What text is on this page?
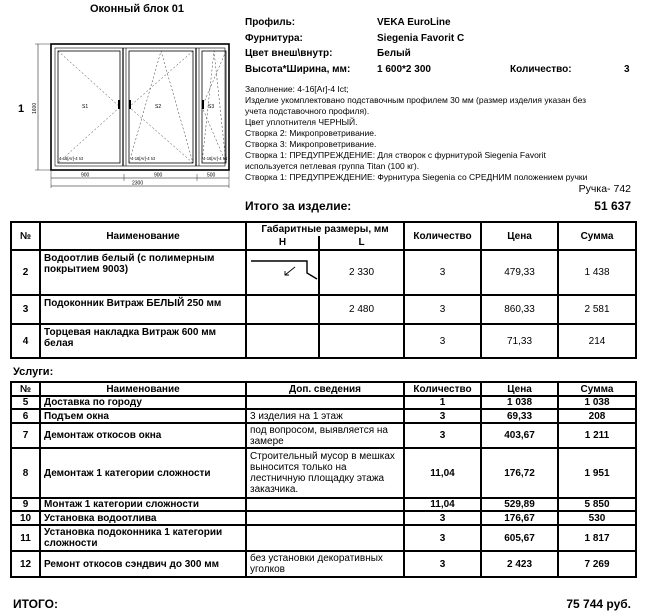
Оконный блок 01
1	S1	S2	S3
4-16[Ar]-4 Ict	4-16[Ar]-4 Ict	4-16[Ar]-4 Ict
1600
900	900	500
2300
Профиль:	VEKA EuroLine
Фурнитура:	Siegenia Favorit C
Цвет внеш\внутр:	Белый
Высота*Ширина, мм:	1 600*2 300	Количество:	3
Заполнение: 4-16[Ar]-4 Ict;
Изделие укомплектовано подставочным профилем 30 мм (размер изделия указан без
учета подставочного профиля).
Цвет уплотнителя ЧЕРНЫЙ.
Створка 2: Микропроветривание.
Створка 3: Микропроветривание.
Створка 1: ПРЕДУПРЕЖДЕНИЕ: Для створок с фурнитурой Siegenia Favorit
используется петлевая группа Titan (100 кг).
Створка 1: ПРЕДУПРЕЖДЕНИЕ: Фурнитура Siegenia со СРЕДНИМ положением ручки
Ручка- 742
Итого за изделие:	51 637
№	Наименование	Габаритные размеры, мм		Количество	Цена	Сумма
		H	L			
2	Водоотлив белый (с полимерным покрытием 9003)		2 330	3	479,33	1 438
3	Подоконник Витраж БЕЛЫЙ 250 мм		2 480	3	860,33	2 581
4	Торцевая накладка Витраж 600 мм белая			3	71,33	214
Услуги:
№	Наименование	Доп. сведения	Количество	Цена	Сумма
5	Доставка по городу		1	1 038	1 038
6	Подъем окна	3 изделия на 1 этаж	3	69,33	208
7	Демонтаж откосов окна	под вопросом, выявляется на замере	3	403,67	1 211
8	Демонтаж 1 категории сложности	Строительный мусор в мешках выносится только на лестничную площадку этажа заказчика.	11,04	176,72	1 951
9	Монтаж 1 категории сложности		11,04	529,89	5 850
10	Установка водоотлива		3	176,67	530
11	Установка подоконника 1 категории сложности		3	605,67	1 817
12	Ремонт откосов сэндвич до 300 мм	без установки декоративных уголков	3	2 423	7 269
ИТОГО:	75 744 руб.
